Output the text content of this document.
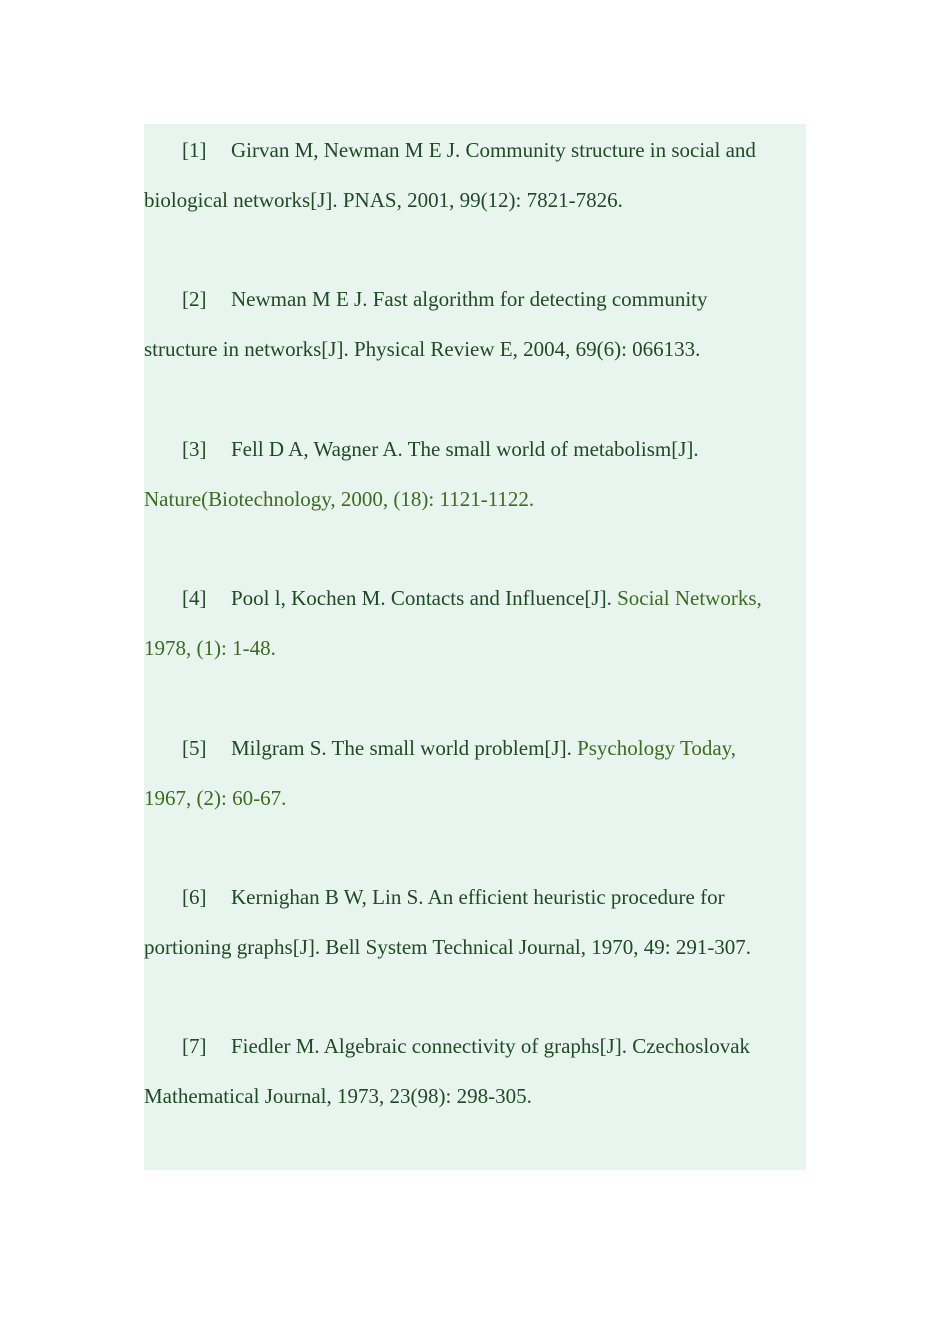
[1] Girvan M, Newman M E J. Community structure in social and
biological networks[J]. PNAS, 2001, 99(12): 7821-7826.
[2] Newman M E J. Fast algorithm for detecting community
structure in networks[J]. Physical Review E, 2004, 69(6): 066133.
[3] Fell D A, Wagner A. The small world of metabolism[J].
Nature(Biotechnology, 2000, (18): 1121-1122.
[4] Pool l, Kochen M. Contacts and Influence[J]. Social Networks,
1978, (1): 1-48.
[5] Milgram S. The small world problem[J]. Psychology Today,
1967, (2): 60-67.
[6] Kernighan B W, Lin S. An efficient heuristic procedure for
portioning graphs[J]. Bell System Technical Journal, 1970, 49: 291-307.
[7] Fiedler M. Algebraic connectivity of graphs[J]. Czechoslovak
Mathematical Journal, 1973, 23(98): 298-305.
